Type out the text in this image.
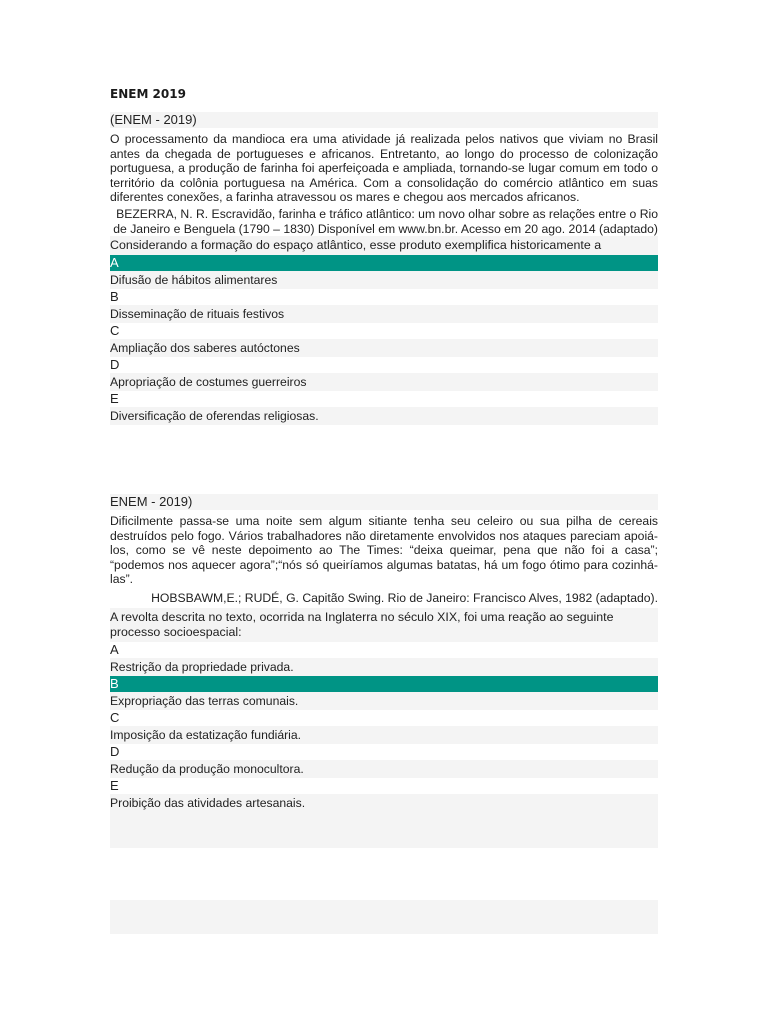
ENEM 2019
(ENEM - 2019)

O processamento da mandioca era uma atividade já realizada pelos nativos que viviam no Brasil antes da chegada de portugueses e africanos. Entretanto, ao longo do processo de colonização portuguesa, a produção de farinha foi aperfeiçoada e ampliada, tornando-se lugar comum em todo o território da colônia portuguesa na América. Com a consolidação do comércio atlântico em suas diferentes conexões, a farinha atravessou os mares e chegou aos mercados africanos.

BEZERRA, N. R. Escravidão, farinha e tráfico atlântico: um novo olhar sobre as relações entre o Rio de Janeiro e Benguela (1790 – 1830) Disponível em www.bn.br. Acesso em 20 ago. 2014 (adaptado)

Considerando a formação do espaço atlântico, esse produto exemplifica historicamente a

A
Difusão de hábitos alimentares
B
Disseminação de rituais festivos
C
Ampliação dos saberes autóctones
D
Apropriação de costumes guerreiros
E
Diversificação de oferendas religiosas.
ENEM - 2019)

Dificilmente passa-se uma noite sem algum sitiante tenha seu celeiro ou sua pilha de cereais destruídos pelo fogo. Vários trabalhadores não diretamente envolvidos nos ataques pareciam apoiá-los, como se vê neste depoimento ao The Times: “deixa queimar, pena que não foi a casa”; “podemos nos aquecer agora”;“nós só queiríamos algumas batatas, há um fogo ótimo para cozinhá-las”.

HOBSBAWM,E.; RUDÉ, G. Capitão Swing. Rio de Janeiro: Francisco Alves, 1982 (adaptado).

A revolta descrita no texto, ocorrida na Inglaterra no século XIX, foi uma reação ao seguinte processo socioespacial:

A
Restrição da propriedade privada.
B
Expropriação das terras comunais.
C
Imposição da estatização fundiária.
D
Redução da produção monocultora.
E
Proibição das atividades artesanais.
